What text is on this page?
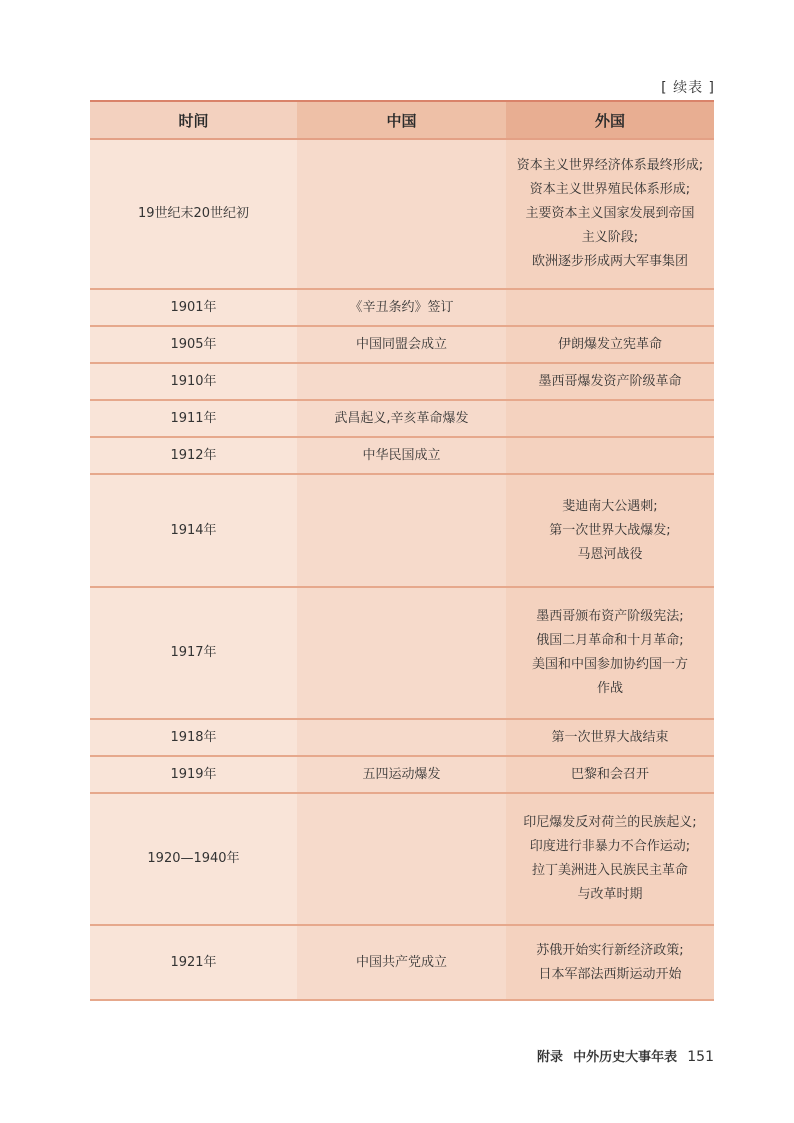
[ 续表 ]
时间	中国	外国
19世纪末20世纪初		资本主义世界经济体系最终形成;
资本主义世界殖民体系形成;
主要资本主义国家发展到帝国
主义阶段;
欧洲逐步形成两大军事集团
1901年	《辛丑条约》签订	
1905年	中国同盟会成立	伊朗爆发立宪革命
1910年		墨西哥爆发资产阶级革命
1911年	武昌起义,辛亥革命爆发	
1912年	中华民国成立	
1914年		斐迪南大公遇刺;
第一次世界大战爆发;
马恩河战役
1917年		墨西哥颁布资产阶级宪法;
俄国二月革命和十月革命;
美国和中国参加协约国一方
作战
1918年		第一次世界大战结束
1919年	五四运动爆发	巴黎和会召开
1920—1940年		印尼爆发反对荷兰的民族起义;
印度进行非暴力不合作运动;
拉丁美洲进入民族民主革命
与改革时期
1921年	中国共产党成立	苏俄开始实行新经济政策;
日本军部法西斯运动开始
附录 中外历史大事年表 151
